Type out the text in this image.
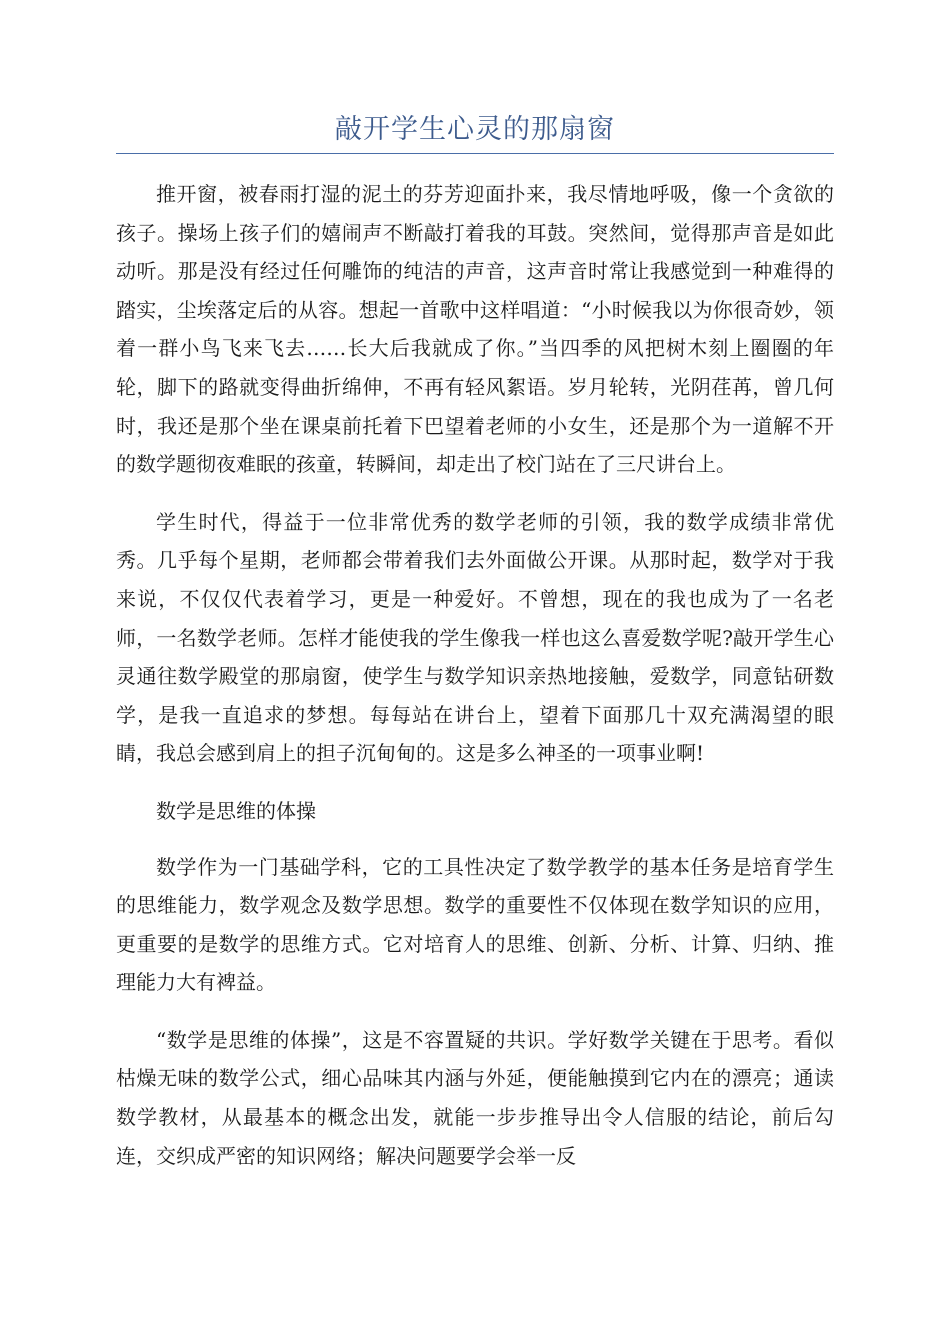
敲开学生心灵的那扇窗

推开窗，被春雨打湿的泥土的芬芳迎面扑来，我尽情地呼吸，像一个贪欲的孩子。操场上孩子们的嬉闹声不断敲打着我的耳鼓。突然间，觉得那声音是如此动听。那是没有经过任何雕饰的纯洁的声音，这声音时常让我感觉到一种难得的踏实，尘埃落定后的从容。想起一首歌中这样唱道：“小时候我以为你很奇妙，领着一群小鸟飞来飞去……长大后我就成了你。”当四季的风把树木刻上圈圈的年轮，脚下的路就变得曲折绵伸，不再有轻风絮语。岁月轮转，光阴荏苒，曾几何时，我还是那个坐在课桌前托着下巴望着老师的小女生，还是那个为一道解不开的数学题彻夜难眠的孩童，转瞬间，却走出了校门站在了三尺讲台上。

学生时代，得益于一位非常优秀的数学老师的引领，我的数学成绩非常优秀。几乎每个星期，老师都会带着我们去外面做公开课。从那时起，数学对于我来说，不仅仅代表着学习，更是一种爱好。不曾想，现在的我也成为了一名老师，一名数学老师。怎样才能使我的学生像我一样也这么喜爱数学呢?敲开学生心灵通往数学殿堂的那扇窗，使学生与数学知识亲热地接触，爱数学，同意钻研数学，是我一直追求的梦想。每每站在讲台上，望着下面那几十双充满渴望的眼睛，我总会感到肩上的担子沉甸甸的。这是多么神圣的一项事业啊!

数学是思维的体操

数学作为一门基础学科，它的工具性决定了数学教学的基本任务是培育学生的思维能力，数学观念及数学思想。数学的重要性不仅体现在数学知识的应用，更重要的是数学的思维方式。它对培育人的思维、创新、分析、计算、归纳、推理能力大有裨益。

“数学是思维的体操”，这是不容置疑的共识。学好数学关键在于思考。看似枯燥无味的数学公式，细心品味其内涵与外延，便能触摸到它内在的漂亮；通读数学教材，从最基本的概念出发，就能一步步推导出令人信服的结论，前后勾连，交织成严密的知识网络；解决问题要学会举一反
